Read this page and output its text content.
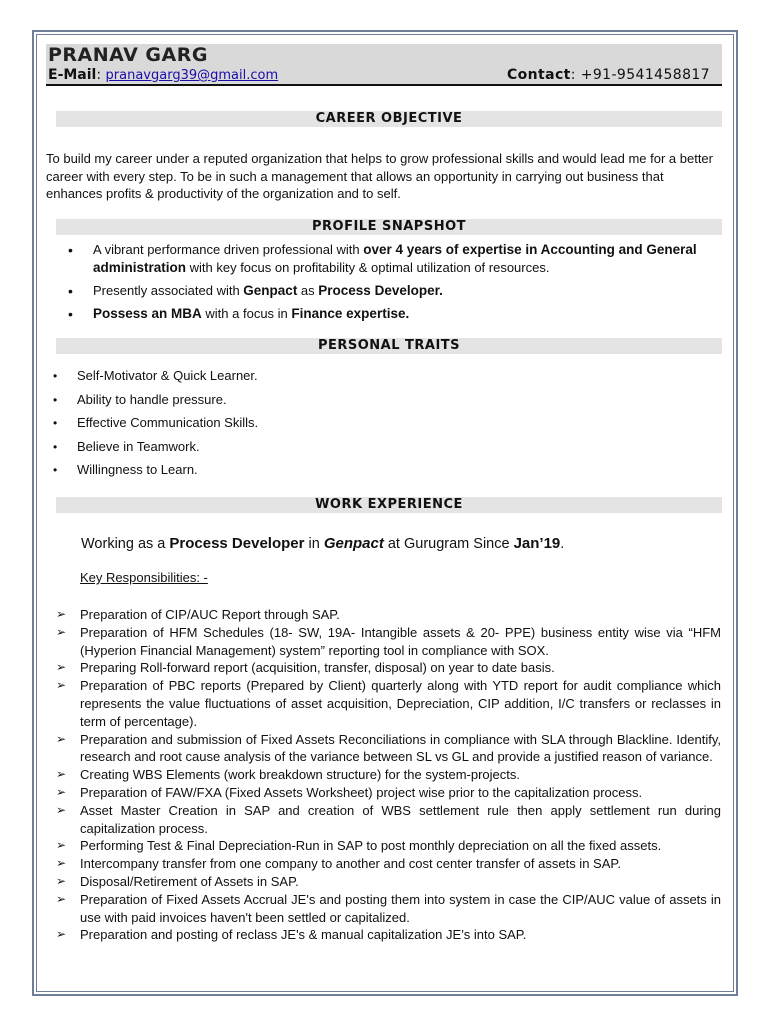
PRANAV GARG
E-Mail: pranavgarg39@gmail.com	Contact: +91-9541458817
CAREER OBJECTIVE

To build my career under a reputed organization that helps to grow professional skills and would lead me for a better career with every step. To be in such a management that allows an opportunity in carrying out business that enhances profits & productivity of the organization and to self.

PROFILE SNAPSHOT
• A vibrant performance driven professional with over 4 years of expertise in Accounting and General administration with key focus on profitability & optimal utilization of resources.
• Presently associated with Genpact as Process Developer.
• Possess an MBA with a focus in Finance expertise.
PERSONAL TRAITS
• Self-Motivator & Quick Learner.
• Ability to handle pressure.
• Effective Communication Skills.
• Believe in Teamwork.
• Willingness to Learn.
WORK EXPERIENCE
Working as a Process Developer in Genpact at Gurugram Since Jan’19.
Key Responsibilities: -
➢ Preparation of CIP/AUC Report through SAP.
➢ Preparation of HFM Schedules (18- SW, 19A- Intangible assets & 20- PPE) business entity wise via “HFM (Hyperion Financial Management) system” reporting tool in compliance with SOX.
➢ Preparing Roll-forward report (acquisition, transfer, disposal) on year to date basis.
➢ Preparation of PBC reports (Prepared by Client) quarterly along with YTD report for audit compliance which represents the value fluctuations of asset acquisition, Depreciation, CIP addition, I/C transfers or reclasses in term of percentage).
➢ Preparation and submission of Fixed Assets Reconciliations in compliance with SLA through Blackline. Identify, research and root cause analysis of the variance between SL vs GL and provide a justified reason of variance.
➢ Creating WBS Elements (work breakdown structure) for the system-projects.
➢ Preparation of FAW/FXA (Fixed Assets Worksheet) project wise prior to the capitalization process.
➢ Asset Master Creation in SAP and creation of WBS settlement rule then apply settlement run during capitalization process.
➢ Performing Test & Final Depreciation-Run in SAP to post monthly depreciation on all the fixed assets.
➢ Intercompany transfer from one company to another and cost center transfer of assets in SAP.
➢ Disposal/Retirement of Assets in SAP.
➢ Preparation of Fixed Assets Accrual JE's and posting them into system in case the CIP/AUC value of assets in use with paid invoices haven't been settled or capitalized.
➢ Preparation and posting of reclass JE's & manual capitalization JE’s into SAP.
